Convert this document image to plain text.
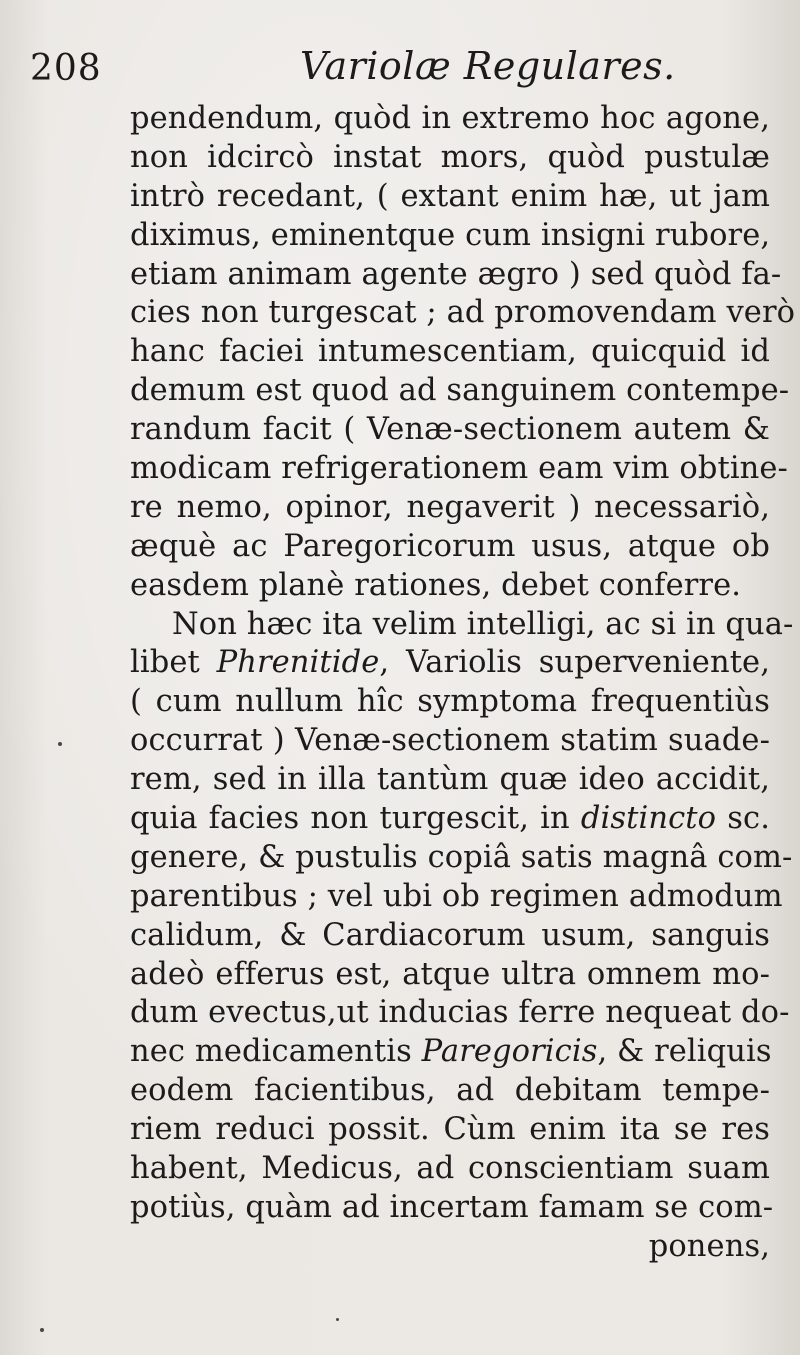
208	Variolæ Regulares.
pendendum, quòd in extremo hoc agone,
non idcircò instat mors, quòd pustulæ
intrò recedant, ( extant enim hæ, ut jam
diximus, eminentque cum insigni rubore,
etiam animam agente ægro ) sed quòd fa-
cies non turgescat ; ad promovendam verò
hanc faciei intumescentiam, quicquid id
demum est quod ad sanguinem contempe-
randum facit ( Venæ-sectionem autem &
modicam refrigerationem eam vim obtine-
re nemo, opinor, negaverit ) necessariò,
æquè ac Paregoricorum usus, atque ob
easdem planè rationes, debet conferre.
Non hæc ita velim intelligi, ac si in qua-
libet Phrenitide, Variolis superveniente,
( cum nullum hîc symptoma frequentiùs
occurrat ) Venæ-sectionem statim suade-
rem, sed in illa tantùm quæ ideo accidit,
quia facies non turgescit, in distincto sc.
genere, & pustulis copiâ satis magnâ com-
parentibus ; vel ubi ob regimen admodum
calidum, & Cardiacorum usum, sanguis
adeò efferus est, atque ultra omnem mo-
dum evectus,ut inducias ferre nequeat do-
nec medicamentis Paregoricis, & reliquis
eodem facientibus, ad debitam tempe-
riem reduci possit. Cùm enim ita se res
habent, Medicus, ad conscientiam suam
potiùs, quàm ad incertam famam se com-
ponens,
